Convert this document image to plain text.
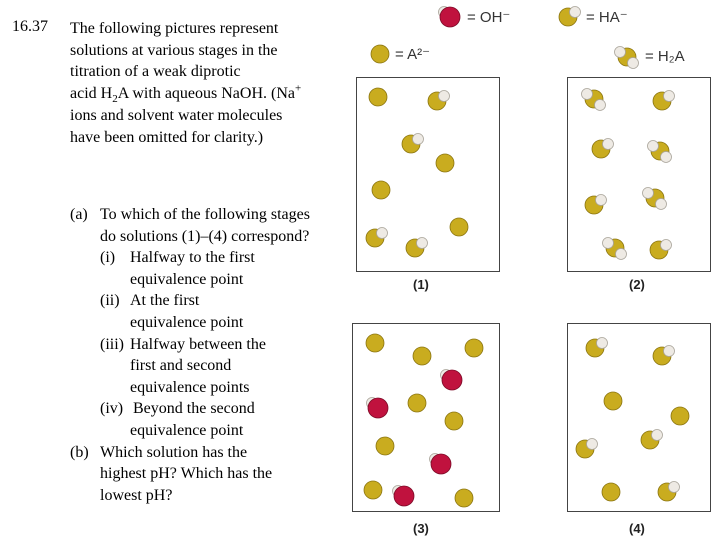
16.37 The following pictures represent
solutions at various stages in the
titration of a weak diprotic
acid $H_2A$ with aqueous NaOH. (Na+
ions and solvent water molecules
have been omitted for clarity.)
(a) To which of the following stages
do solutions (1)–(4) correspond?
(i) Halfway to the first
equivalence point
(ii) At the first
equivalence point
(iii) Halfway between the
first and second
equivalence points
(iv) Beyond the second
equivalence point
(b) Which solution has the
highest pH? Which has the
lowest pH?
= OH⁻	= HA⁻
= A²⁻	= H₂A
(1)	(2)
(3)	(4)
